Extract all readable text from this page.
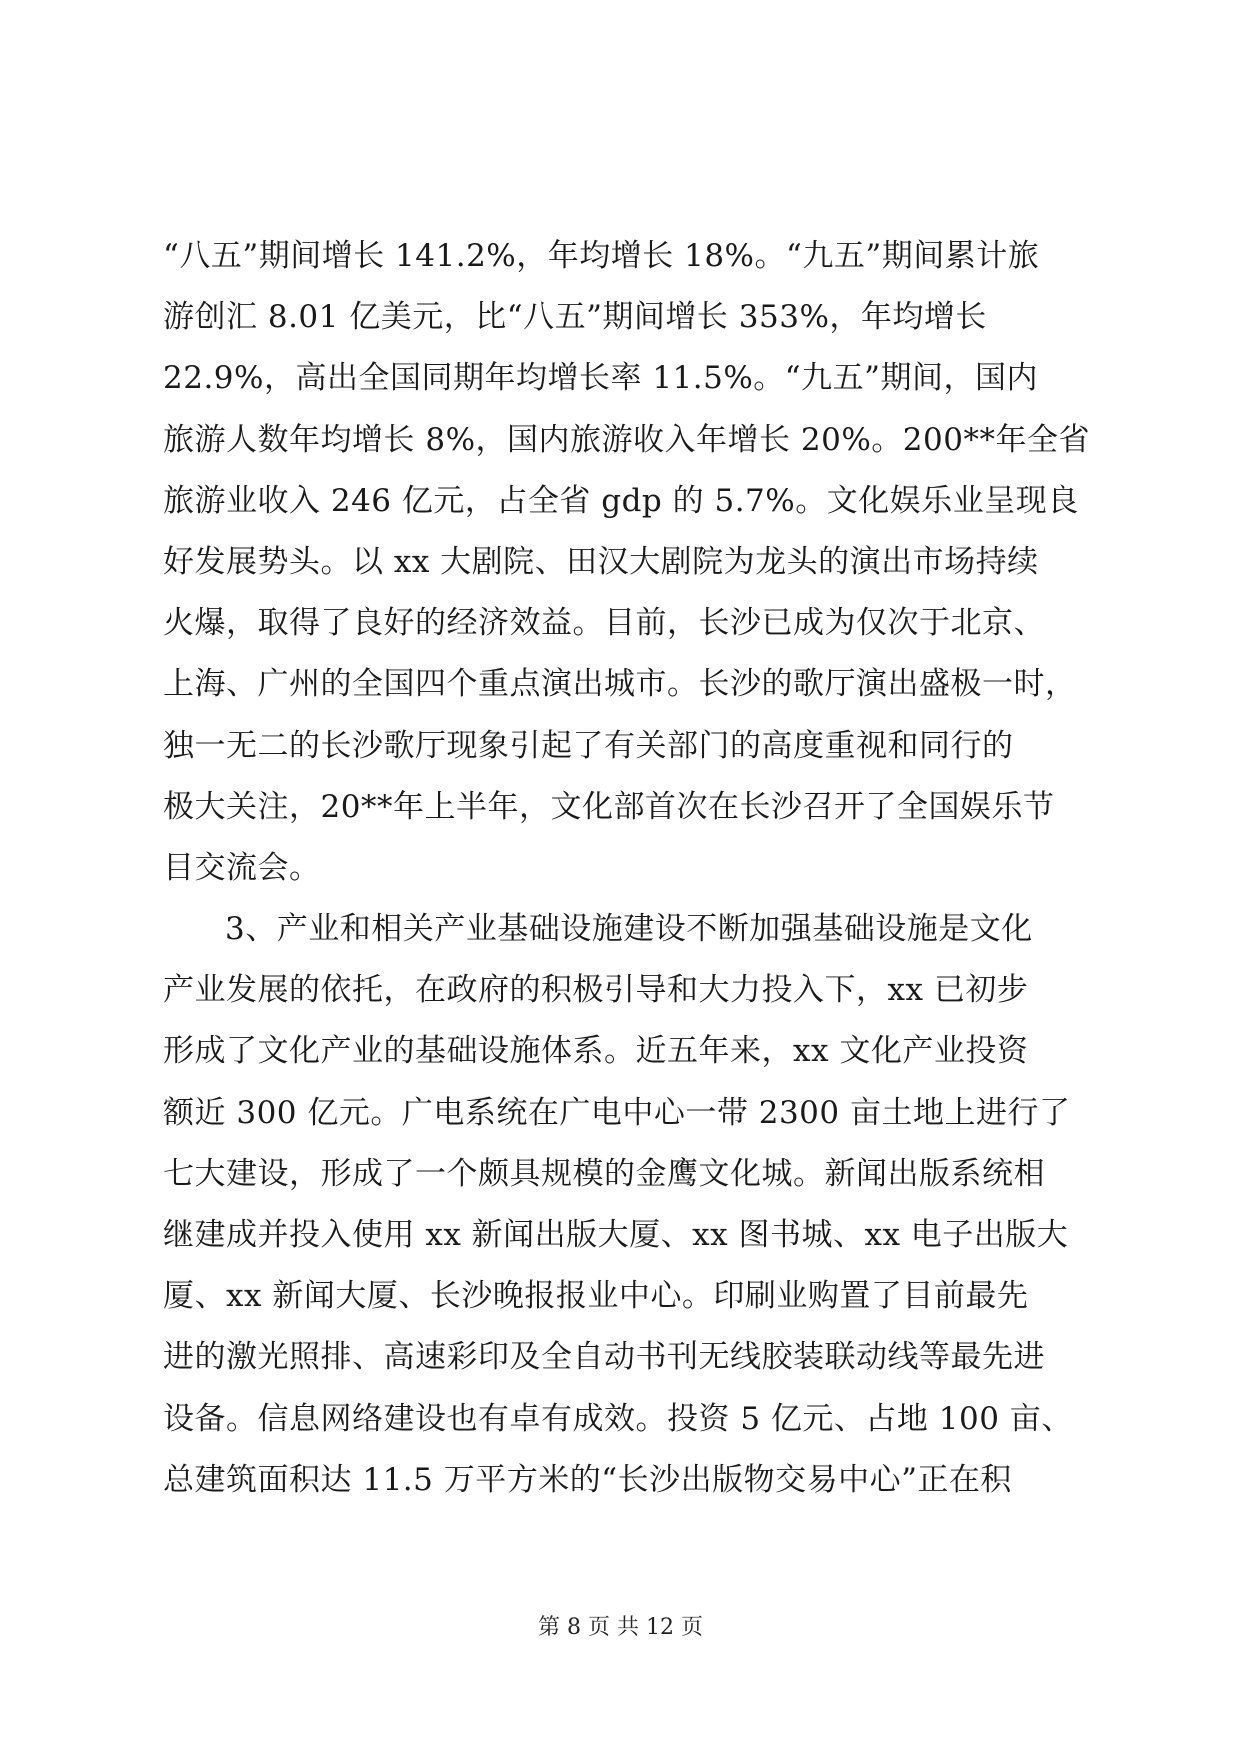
“八五”期间增长 141.2%，年均增长 18%。“九五”期间累计旅
游创汇 8.01 亿美元，比“八五”期间增长 353%，年均增长
22.9%，高出全国同期年均增长率 11.5%。“九五”期间，国内
旅游人数年均增长 8%，国内旅游收入年增长 20%。200**年全省
旅游业收入 246 亿元，占全省 gdp 的 5.7%。文化娱乐业呈现良
好发展势头。以 xx 大剧院、田汉大剧院为龙头的演出市场持续
火爆，取得了良好的经济效益。目前，长沙已成为仅次于北京、
上海、广州的全国四个重点演出城市。长沙的歌厅演出盛极一时，
独一无二的长沙歌厅现象引起了有关部门的高度重视和同行的
极大关注，20**年上半年，文化部首次在长沙召开了全国娱乐节
目交流会。
3、产业和相关产业基础设施建设不断加强基础设施是文化
产业发展的依托，在政府的积极引导和大力投入下，xx 已初步
形成了文化产业的基础设施体系。近五年来，xx 文化产业投资
额近 300 亿元。广电系统在广电中心一带 2300 亩土地上进行了
七大建设，形成了一个颇具规模的金鹰文化城。新闻出版系统相
继建成并投入使用 xx 新闻出版大厦、xx 图书城、xx 电子出版大
厦、xx 新闻大厦、长沙晚报报业中心。印刷业购置了目前最先
进的激光照排、高速彩印及全自动书刊无线胶装联动线等最先进
设备。信息网络建设也有卓有成效。投资 5 亿元、占地 100 亩、
总建筑面积达 11.5 万平方米的“长沙出版物交易中心”正在积
第 8 页 共 12 页
